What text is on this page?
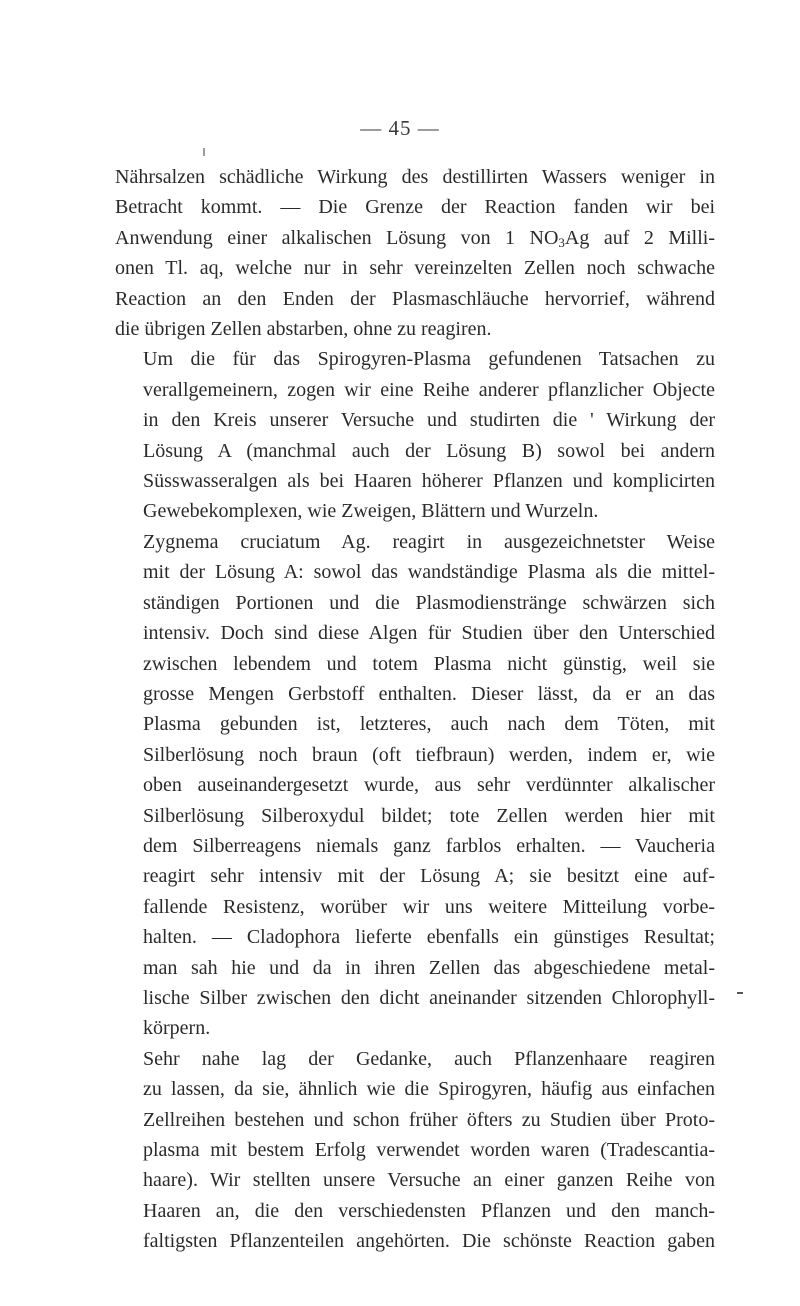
— 45 —

Nährsalzen schädliche Wirkung des destillirten Wassers weniger in
Betracht kommt. — Die Grenze der Reaction fanden wir bei
Anwendung einer alkalischen Lösung von 1 $NO_3Ag$ auf 2 Milli-
onen Tl. aq, welche nur in sehr vereinzelten Zellen noch schwache
Reaction an den Enden der Plasmaschläuche hervorrief, während
die übrigen Zellen abstarben, ohne zu reagiren.

Um die für das Spirogyren-Plasma gefundenen Tatsachen zu
verallgemeinern, zogen wir eine Reihe anderer pflanzlicher Objecte
in den Kreis unserer Versuche und studirten die ' Wirkung der
Lösung A (manchmal auch der Lösung B) sowol bei andern
Süsswasseralgen als bei Haaren höherer Pflanzen und komplicirten
Gewebekomplexen, wie Zweigen, Blättern und Wurzeln.

Zygnema cruciatum Ag. reagirt in ausgezeichnetster Weise
mit der Lösung A: sowol das wandständige Plasma als die mittel-
ständigen Portionen und die Plasmodienstränge schwärzen sich
intensiv. Doch sind diese Algen für Studien über den Unterschied
zwischen lebendem und totem Plasma nicht günstig, weil sie
grosse Mengen Gerbstoff enthalten. Dieser lässt, da er an das
Plasma gebunden ist, letzteres, auch nach dem Töten, mit
Silberlösung noch braun (oft tiefbraun) werden, indem er, wie
oben auseinandergesetzt wurde, aus sehr verdünnter alkalischer
Silberlösung Silberoxydul bildet; tote Zellen werden hier mit
dem Silberreagens niemals ganz farblos erhalten. — Vaucheria
reagirt sehr intensiv mit der Lösung A; sie besitzt eine auf-
fallende Resistenz, worüber wir uns weitere Mitteilung vorbe-
halten. — Cladophora lieferte ebenfalls ein günstiges Resultat;
man sah hie und da in ihren Zellen das abgeschiedene metal-
lische Silber zwischen den dicht aneinander sitzenden Chlorophyll-
körpern.

Sehr nahe lag der Gedanke, auch Pflanzenhaare reagiren
zu lassen, da sie, ähnlich wie die Spirogyren, häufig aus einfachen
Zellreihen bestehen und schon früher öfters zu Studien über Proto-
plasma mit bestem Erfolg verwendet worden waren (Tradescantia-
haare). Wir stellten unsere Versuche an einer ganzen Reihe von
Haaren an, die den verschiedensten Pflanzen und den manch-
faltigsten Pflanzenteilen angehörten. Die schönste Reaction gaben
